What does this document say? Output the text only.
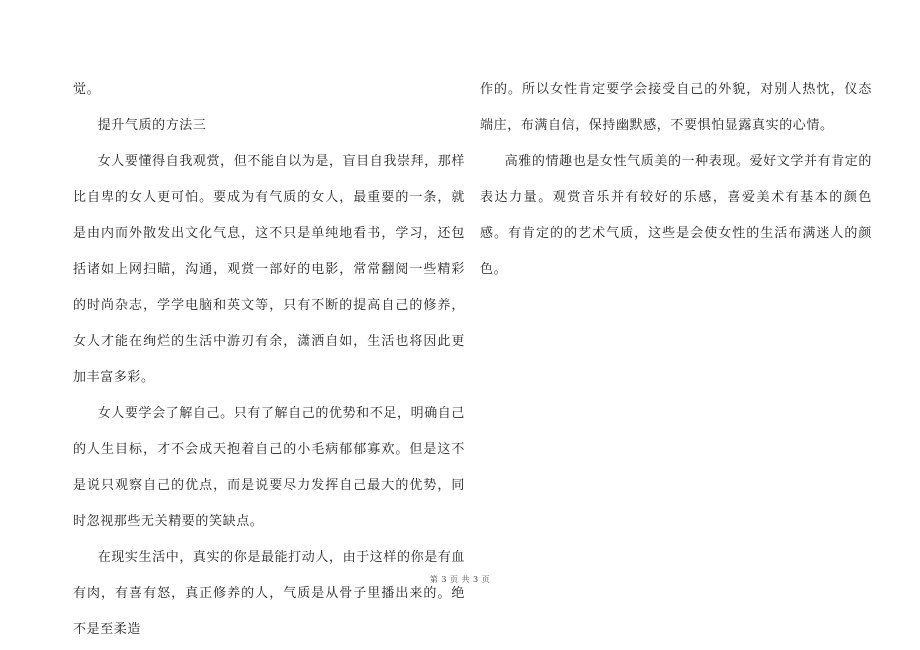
觉。

提升气质的方法三

女人要懂得自我观赏，但不能自以为是，盲目自我崇拜，那样比自卑的女人更可怕。要成为有气质的女人，最重要的一条，就是由内而外散发出文化气息，这不只是单纯地看书，学习，还包括诸如上网扫瞄，沟通，观赏一部好的电影，常常翻阅一些精彩的时尚杂志，学学电脑和英文等，只有不断的提高自己的修养，女人才能在绚烂的生活中游刃有余，潇洒自如，生活也将因此更加丰富多彩。

女人要学会了解自己。只有了解自己的优势和不足，明确自己的人生目标，才不会成天抱着自己的小毛病郁郁寡欢。但是这不是说只观察自己的优点，而是说要尽力发挥自己最大的优势，同时忽视那些无关精要的笑缺点。

在现实生活中，真实的你是最能打动人，由于这样的你是有血有肉，有喜有怒，真正修养的人，气质是从骨子里播出来的。绝不是至柔造

作的。所以女性肯定要学会接受自己的外貌，对别人热忱，仪态端庄，布满自信，保持幽默感，不要惧怕显露真实的心情。

高雅的情趣也是女性气质美的一种表现。爱好文学并有肯定的表达力量。观赏音乐并有较好的乐感，喜爱美术有基本的颜色感。有肯定的的艺术气质，这些是会使女性的生活布满迷人的颜色。

第 3 页 共 3 页
